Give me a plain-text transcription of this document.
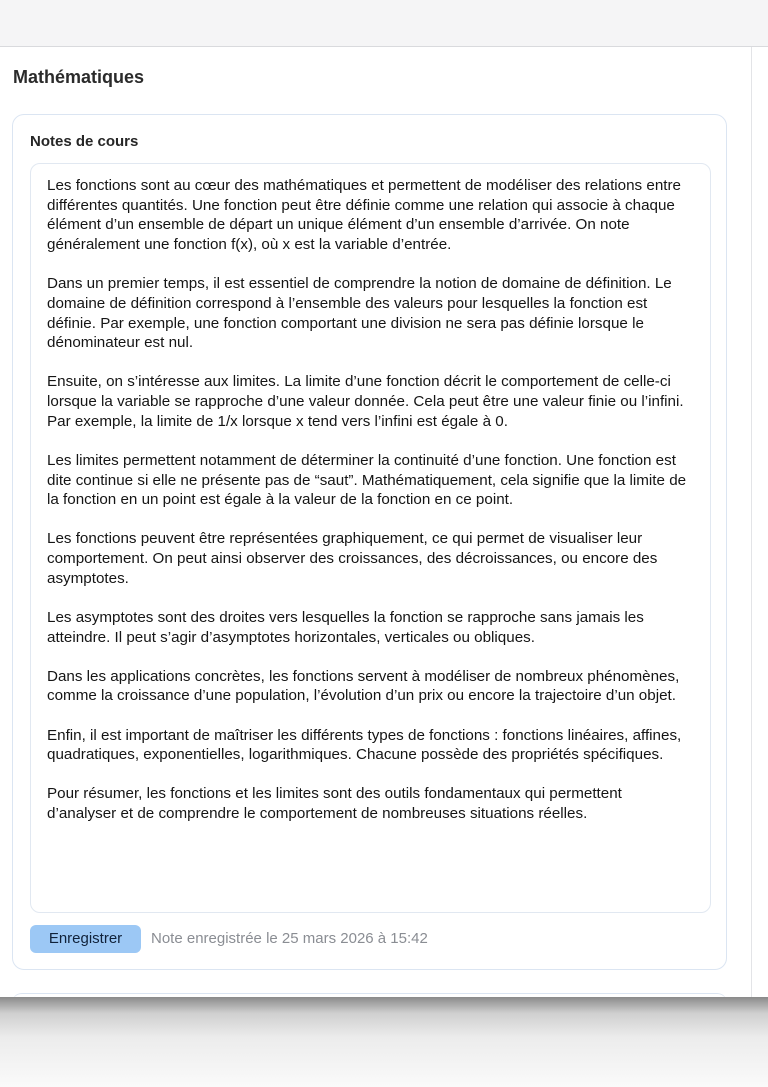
Mathématiques
Notes de cours

Les fonctions sont au cœur des mathématiques et permettent de modéliser des relations entre différentes quantités. Une fonction peut être définie comme une relation qui associe à chaque élément d’un ensemble de départ un unique élément d’un ensemble d’arrivée. On note généralement une fonction f(x), où x est la variable d’entrée.

Dans un premier temps, il est essentiel de comprendre la notion de domaine de définition. Le domaine de définition correspond à l’ensemble des valeurs pour lesquelles la fonction est définie. Par exemple, une fonction comportant une division ne sera pas définie lorsque le dénominateur est nul.

Ensuite, on s’intéresse aux limites. La limite d’une fonction décrit le comportement de celle-ci lorsque la variable se rapproche d’une valeur donnée. Cela peut être une valeur finie ou l’infini. Par exemple, la limite de 1/x lorsque x tend vers l’infini est égale à 0.

Les limites permettent notamment de déterminer la continuité d’une fonction. Une fonction est dite continue si elle ne présente pas de “saut”. Mathématiquement, cela signifie que la limite de la fonction en un point est égale à la valeur de la fonction en ce point.

Les fonctions peuvent être représentées graphiquement, ce qui permet de visualiser leur comportement. On peut ainsi observer des croissances, des décroissances, ou encore des asymptotes.

Les asymptotes sont des droites vers lesquelles la fonction se rapproche sans jamais les atteindre. Il peut s’agir d’asymptotes horizontales, verticales ou obliques.

Dans les applications concrètes, les fonctions servent à modéliser de nombreux phénomènes, comme la croissance d’une population, l’évolution d’un prix ou encore la trajectoire d’un objet.

Enfin, il est important de maîtriser les différents types de fonctions : fonctions linéaires, affines, quadratiques, exponentielles, logarithmiques. Chacune possède des propriétés spécifiques.

Pour résumer, les fonctions et les limites sont des outils fondamentaux qui permettent d’analyser et de comprendre le comportement de nombreuses situations réelles.

Enregistrer	Note enregistrée le 25 mars 2026 à 15:42
